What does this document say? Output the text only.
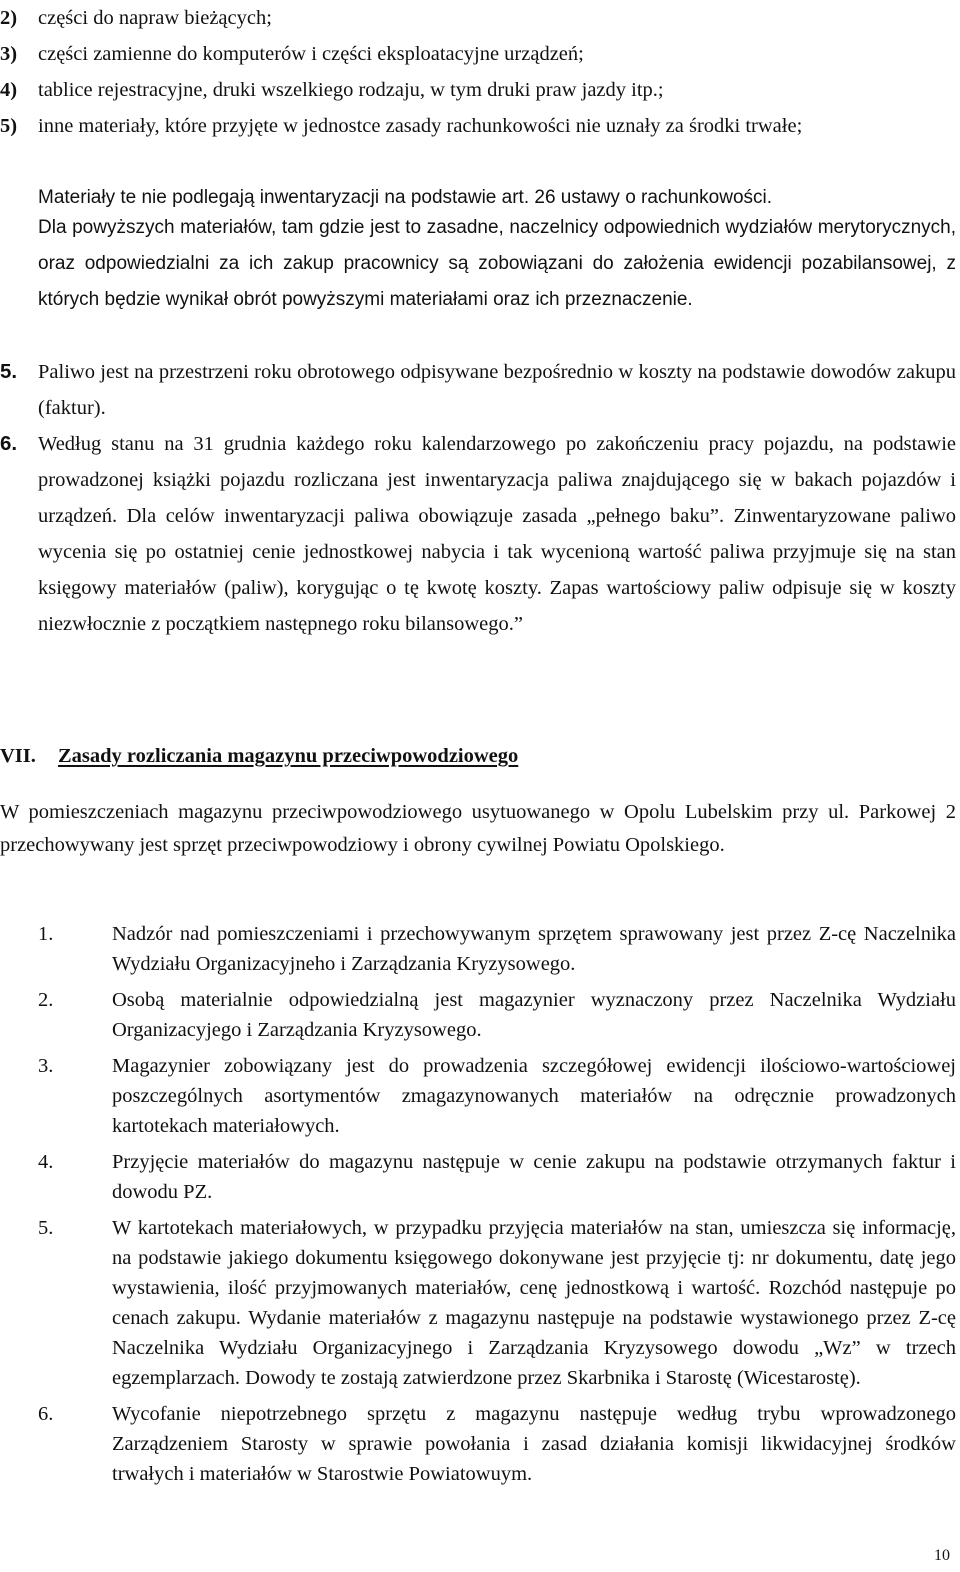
2) części do napraw bieżących;
3) części zamienne do komputerów i części eksploatacyjne urządzeń;
4) tablice rejestracyjne, druki wszelkiego rodzaju, w tym druki praw jazdy itp.;
5) inne materiały, które przyjęte w jednostce zasady rachunkowości nie uznały za środki trwałe;
Materiały te nie podlegają inwentaryzacji na podstawie art. 26 ustawy o rachunkowości.
Dla powyższych materiałów, tam gdzie jest to zasadne, naczelnicy odpowiednich wydziałów merytorycznych, oraz odpowiedzialni za ich zakup pracownicy są zobowiązani do założenia ewidencji pozabilansowej, z których będzie wynikał obrót powyższymi materiałami oraz ich przeznaczenie.
5. Paliwo jest na przestrzeni roku obrotowego odpisywane bezpośrednio w koszty na podstawie dowodów zakupu (faktur).
6. Według stanu na 31 grudnia każdego roku kalendarzowego po zakończeniu pracy pojazdu, na podstawie prowadzonej książki pojazdu rozliczana jest inwentaryzacja paliwa znajdującego się w bakach pojazdów i urządzeń. Dla celów inwentaryzacji paliwa obowiązuje zasada „pełnego baku”. Zinwentaryzowane paliwo wycenia się po ostatniej cenie jednostkowej nabycia i tak wycenioną wartość paliwa przyjmuje się na stan księgowy materiałów (paliw), korygując o tę kwotę koszty. Zapas wartościowy paliw odpisuje się w koszty niezwłocznie z początkiem następnego roku bilansowego.”
VII. Zasady rozliczania magazynu przeciwpowodziowego
W pomieszczeniach magazynu przeciwpowodziowego usytuowanego w Opolu Lubelskim przy ul. Parkowej 2 przechowywany jest sprzęt przeciwpowodziowy i obrony cywilnej Powiatu Opolskiego.
1.	Nadzór nad pomieszczeniami i przechowywanym sprzętem sprawowany jest przez Z-cę Naczelnika Wydziału Organizacyjneho i Zarządzania Kryzysowego.
2.	Osobą materialnie odpowiedzialną jest magazynier wyznaczony przez Naczelnika Wydziału Organizacyjego i Zarządzania Kryzysowego.
3.	Magazynier zobowiązany jest do prowadzenia szczegółowej ewidencji ilościowo-wartościowej poszczególnych asortymentów zmagazynowanych materiałów na odręcznie prowadzonych kartotekach materiałowych.
4.	Przyjęcie materiałów do magazynu następuje w cenie zakupu na podstawie otrzymanych faktur i dowodu PZ.
5.	W kartotekach materiałowych, w przypadku przyjęcia materiałów na stan, umieszcza się informację, na podstawie jakiego dokumentu księgowego dokonywane jest przyjęcie tj: nr dokumentu, datę jego wystawienia, ilość przyjmowanych materiałów, cenę jednostkową i wartość. Rozchód następuje po cenach zakupu. Wydanie materiałów z magazynu następuje na podstawie wystawionego przez Z-cę Naczelnika Wydziału Organizacyjnego i Zarządzania Kryzysowego dowodu „Wz” w trzech egzemplarzach. Dowody te zostają zatwierdzone przez Skarbnika i Starostę (Wicestarostę).
6.	Wycofanie niepotrzebnego sprzętu z magazynu następuje według trybu wprowadzonego Zarządzeniem Starosty w sprawie powołania i zasad działania komisji likwidacyjnej środków trwałych i materiałów w Starostwie Powiatowuym.
10
